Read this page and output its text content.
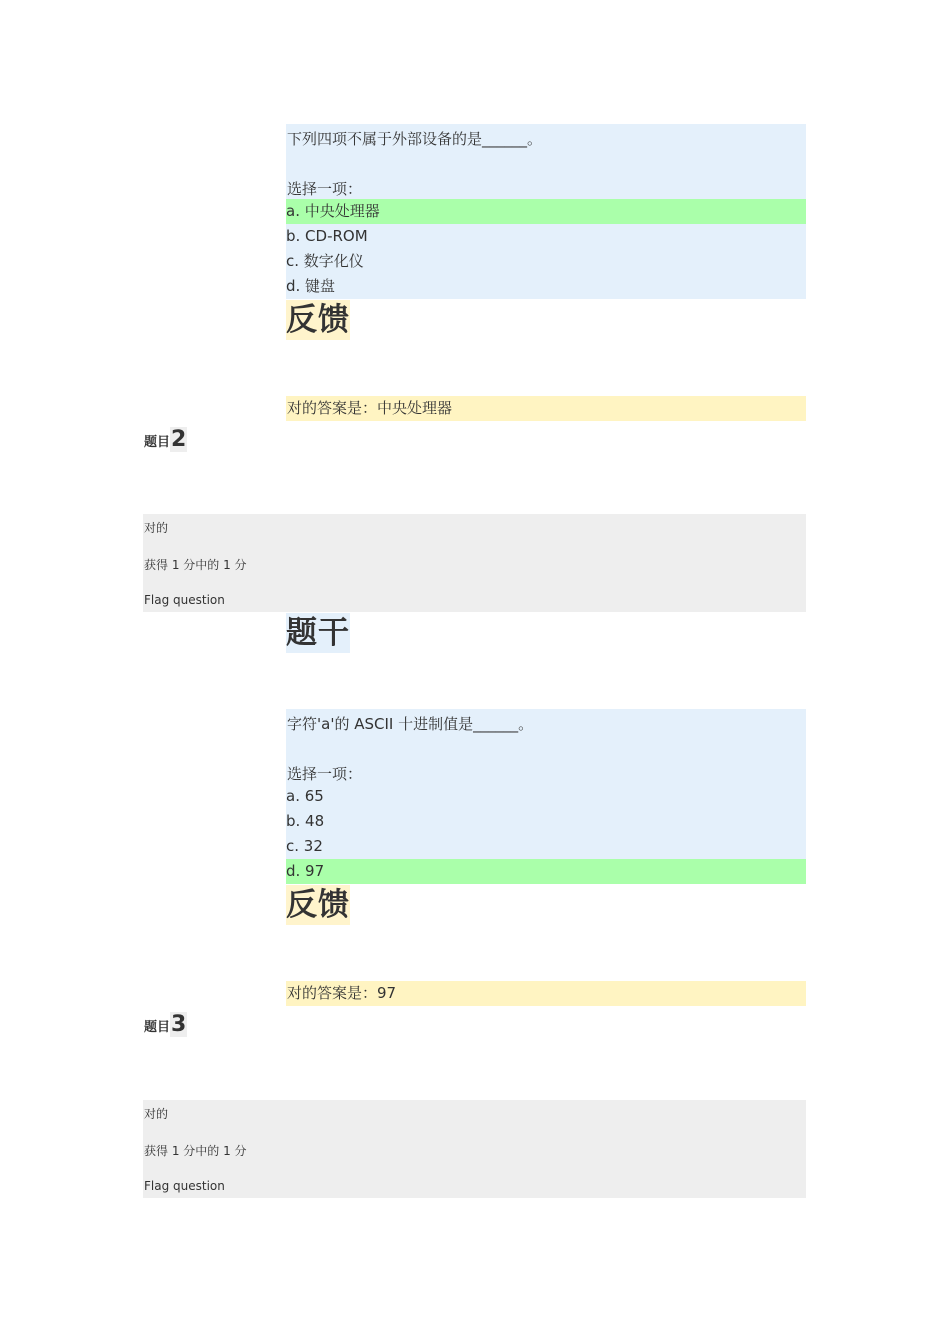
下列四项不属于外部设备的是______。
选择一项：
a. 中央处理器
b. CD-ROM
c. 数字化仪
d. 键盘
反馈
对的答案是：中央处理器
题目2
对的
获得 1 分中的 1 分
Flag question
题干
字符'a'的 ASCII 十进制值是______。
选择一项：
a. 65
b. 48
c. 32
d. 97
反馈
对的答案是：97
题目3
对的
获得 1 分中的 1 分
Flag question
